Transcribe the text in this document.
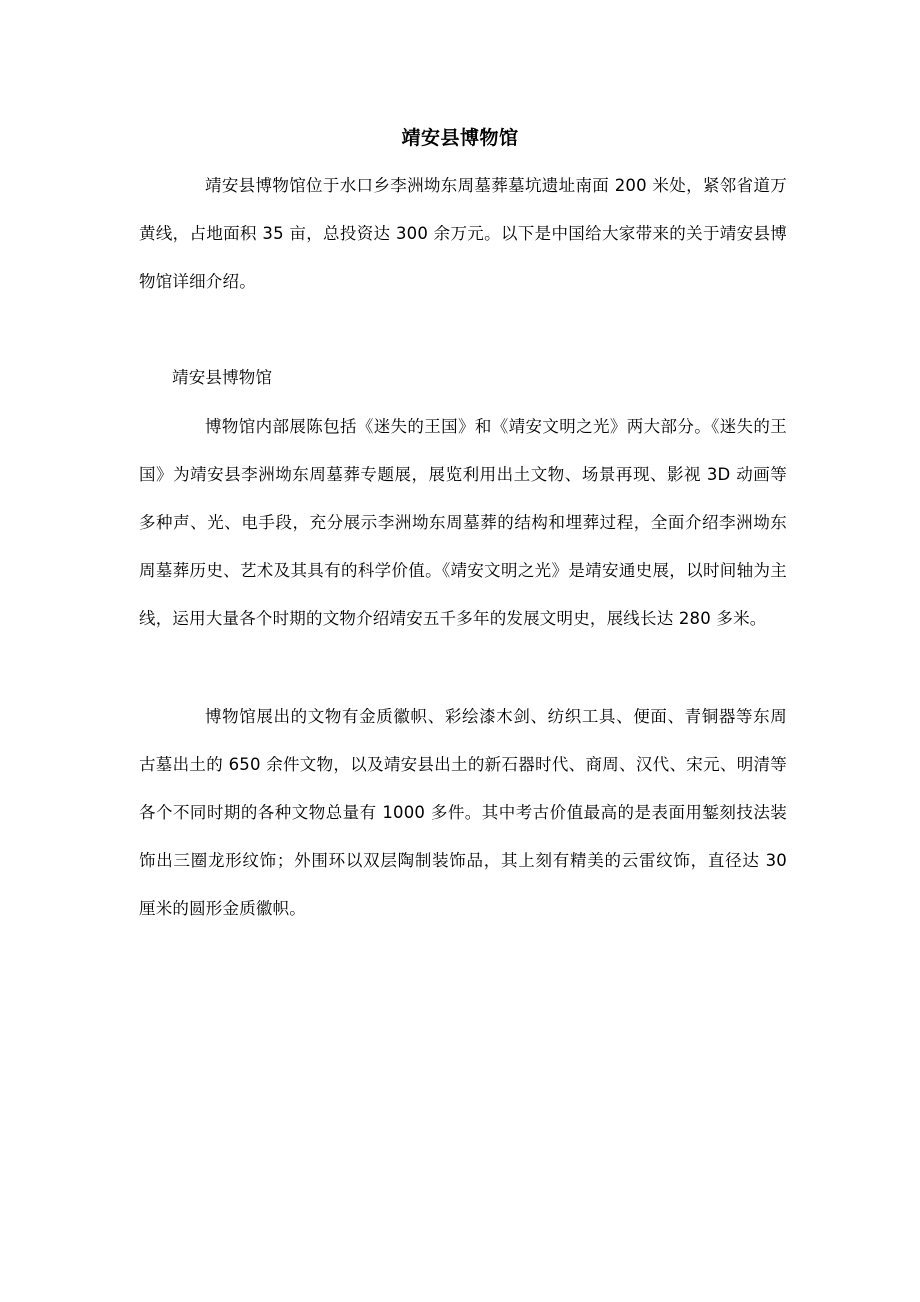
靖安县博物馆

靖安县博物馆位于水口乡李洲坳东周墓葬墓坑遗址南面 200 米处，紧邻省道万黄线，占地面积 35 亩，总投资达 300 余万元。以下是中国给大家带来的关于靖安县博物馆详细介绍。

靖安县博物馆

博物馆内部展陈包括《迷失的王国》和《靖安文明之光》两大部分。《迷失的王国》为靖安县李洲坳东周墓葬专题展，展览利用出土文物、场景再现、影视 3D 动画等多种声、光、电手段，充分展示李洲坳东周墓葬的结构和埋葬过程，全面介绍李洲坳东周墓葬历史、艺术及其具有的科学价值。《靖安文明之光》是靖安通史展，以时间轴为主线，运用大量各个时期的文物介绍靖安五千多年的发展文明史，展线长达 280 多米。

博物馆展出的文物有金质徽帜、彩绘漆木剑、纺织工具、便面、青铜器等东周古墓出土的 650 余件文物，以及靖安县出土的新石器时代、商周、汉代、宋元、明清等各个不同时期的各种文物总量有 1000 多件。其中考古价值最高的是表面用錾刻技法装饰出三圈龙形纹饰；外围环以双层陶制装饰品，其上刻有精美的云雷纹饰，直径达 30 厘米的圆形金质徽帜。
